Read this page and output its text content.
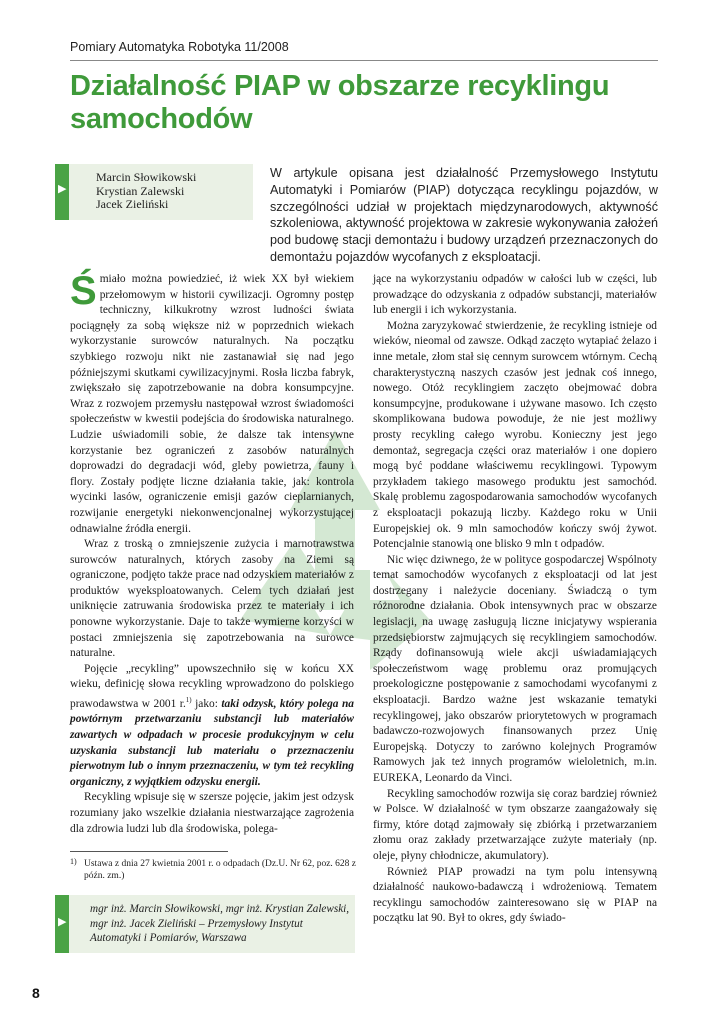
Pomiary Automatyka Robotyka 11/2008
Działalność PIAP w obszarze recyklingu
samochodów
▶
Marcin Słowikowski
Krystian Zalewski
Jacek Zieliński

W artykule opisana jest działalność Przemysłowego Instytutu Automatyki i Pomiarów (PIAP) dotycząca recyklingu pojazdów, w szczególności udział w projektach międzynarodowych, aktywność szkoleniowa, aktywność projektowa w zakresie wykonywania założeń pod budowę stacji demontażu i budowy urządzeń przeznaczonych do demontażu pojazdów wycofanych z eksploatacji.

Śmiało można powiedzieć, iż wiek XX był wiekiem przełomowym w historii cywilizacji. Ogromny postęp techniczny, kilkukrotny wzrost ludności świata pociągnęły za sobą większe niż w poprzednich wiekach wykorzystanie surowców naturalnych. Na początku szybkiego rozwoju nikt nie zastanawiał się nad jego późniejszymi skutkami cywilizacyjnymi. Rosła liczba fabryk, zwiększało się zapotrzebowanie na dobra konsumpcyjne. Wraz z rozwojem przemysłu następował wzrost świadomości społeczeństw w kwestii podejścia do środowiska naturalnego. Ludzie uświadomili sobie, że dalsze tak intensywne korzystanie bez ograniczeń z zasobów naturalnych doprowadzi do degradacji wód, gleby powietrza, fauny i flory. Zostały podjęte liczne działania takie, jak: kontrola wycinki lasów, ograniczenie emisji gazów cieplarnianych, rozwijanie energetyki niekonwencjonalnej wykorzystującej odnawialne źródła energii.

Wraz z troską o zmniejszenie zużycia i marnotrawstwa surowców naturalnych, których zasoby na Ziemi są ograniczone, podjęto także prace nad odzyskiem materiałów z produktów wyeksploatowanych. Celem tych działań jest uniknięcie zatruwania środowiska przez te materiały i ich ponowne wykorzystanie. Daje to także wymierne korzyści w postaci zmniejszenia się zapotrzebowania na surowce naturalne.

Pojęcie „recykling” upowszechniło się w końcu XX wieku, definicję słowa recykling wprowadzono do polskiego prawodawstwa w 2001 r.$^{1)}$ jako: taki odzysk, który polega na powtórnym przetwarzaniu substancji lub materiałów zawartych w odpadach w procesie produkcyjnym w celu uzyskania substancji lub materiału o przeznaczeniu pierwotnym lub o innym przeznaczeniu, w tym też recykling organiczny, z wyjątkiem odzysku energii.

Recykling wpisuje się w szersze pojęcie, jakim jest odzysk rozumiany jako wszelkie działania niestwarzające zagrożenia dla zdrowia ludzi lub dla środowiska, polega-

jące na wykorzystaniu odpadów w całości lub w części, lub prowadzące do odzyskania z odpadów substancji, materiałów lub energii i ich wykorzystania.

Można zaryzykować stwierdzenie, że recykling istnieje od wieków, nieomal od zawsze. Odkąd zaczęto wytapiać żelazo i inne metale, złom stał się cennym surowcem wtórnym. Cechą charakterystyczną naszych czasów jest jednak coś innego, nowego. Otóż recyklingiem zaczęto obejmować dobra konsumpcyjne, produkowane i używane masowo. Ich często skomplikowana budowa powoduje, że nie jest możliwy prosty recykling całego wyrobu. Konieczny jest jego demontaż, segregacja części oraz materiałów i one dopiero mogą być poddane właściwemu recyklingowi. Typowym przykładem takiego masowego produktu jest samochód. Skalę problemu zagospodarowania samochodów wycofanych z eksploatacji pokazują liczby. Każdego roku w Unii Europejskiej ok. 9 mln samochodów kończy swój żywot. Potencjalnie stanowią one blisko 9 mln t odpadów.

Nic więc dziwnego, że w polityce gospodarczej Wspólnoty temat samochodów wycofanych z eksploatacji od lat jest dostrzegany i należycie doceniany. Świadczą o tym różnorodne działania. Obok intensywnych prac w obszarze legislacji, na uwagę zasługują liczne inicjatywy wspierania przedsiębiorstw zajmujących się recyklingiem samochodów. Rządy dofinansowują wiele akcji uświadamiających społeczeństwom wagę problemu oraz promujących proekologiczne postępowanie z samochodami wycofanymi z eksploatacji. Bardzo ważne jest wskazanie tematyki recyklingowej, jako obszarów priorytetowych w programach badawczo-rozwojowych finansowanych przez Unię Europejską. Dotyczy to zarówno kolejnych Programów Ramowych jak też innych programów wieloletnich, m.in. EUREKA, Leonardo da Vinci.

Recykling samochodów rozwija się coraz bardziej również w Polsce. W działalność w tym obszarze zaangażowały się firmy, które dotąd zajmowały się zbiórką i przetwarzaniem złomu oraz zakłady przetwarzające zużyte materiały (np. oleje, płyny chłodnicze, akumulatory).

Również PIAP prowadzi na tym polu intensywną działalność naukowo-badawczą i wdrożeniową. Tematem recyklingu samochodów zainteresowano się w PIAP na początku lat 90. Był to okres, gdy świado-

1) Ustawa z dnia 27 kwietnia 2001 r. o odpadach (Dz.U. Nr 62, poz. 628 z późn. zm.)
▶
mgr inż. Marcin Słowikowski, mgr inż. Krystian Zalewski, mgr inż. Jacek Zieliński – Przemysłowy Instytut Automatyki i Pomiarów, Warszawa
8
